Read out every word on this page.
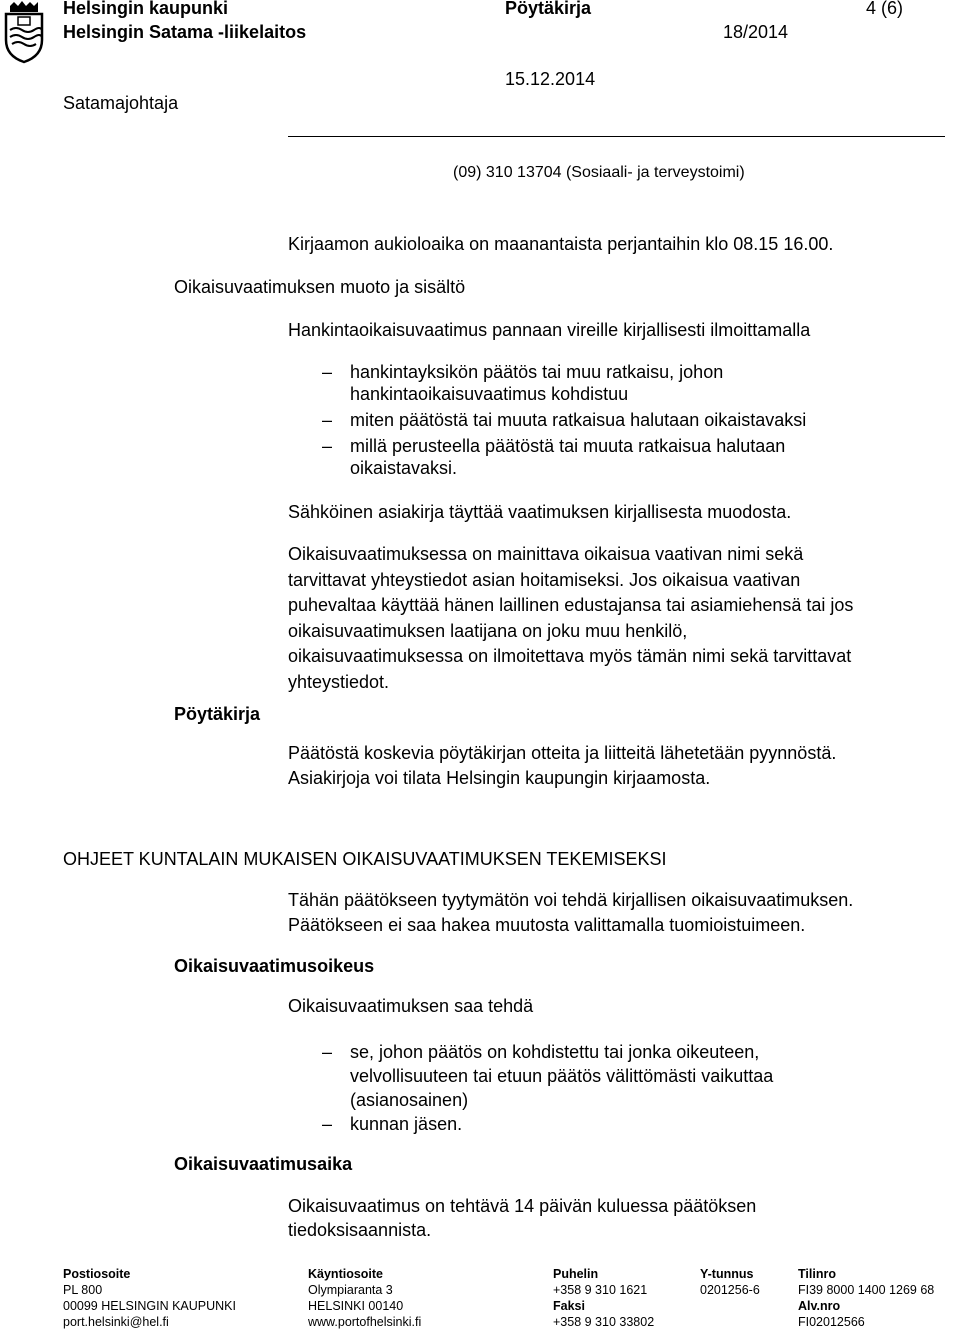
Helsingin kaupunki
Helsingin Satama -liikelaitos
Pöytäkirja	4 (6)
18/2014
15.12.2014
Satamajohtaja
(09) 310 13704 (Sosiaali- ja terveystoimi)
Kirjaamon aukioloaika on maanantaista perjantaihin klo 08.15 16.00.
Oikaisuvaatimuksen muoto ja sisältö
Hankintaoikaisuvaatimus pannaan vireille kirjallisesti ilmoittamalla
– hankintayksikön päätös tai muu ratkaisu, johon
hankintaoikaisuvaatimus kohdistuu
– miten päätöstä tai muuta ratkaisua halutaan oikaistavaksi
– millä perusteella päätöstä tai muuta ratkaisua halutaan
oikaistavaksi.
Sähköinen asiakirja täyttää vaatimuksen kirjallisesta muodosta.
Oikaisuvaatimuksessa on mainittava oikaisua vaativan nimi sekä
tarvittavat yhteystiedot asian hoitamiseksi. Jos oikaisua vaativan
puhevaltaa käyttää hänen laillinen edustajansa tai asiamiehensä tai jos
oikaisuvaatimuksen laatijana on joku muu henkilö,
oikaisuvaatimuksessa on ilmoitettava myös tämän nimi sekä tarvittavat
yhteystiedot.
Pöytäkirja
Päätöstä koskevia pöytäkirjan otteita ja liitteitä lähetetään pyynnöstä.
Asiakirjoja voi tilata Helsingin kaupungin kirjaamosta.
OHJEET KUNTALAIN MUKAISEN OIKAISUVAATIMUKSEN TEKEMISEKSI
Tähän päätökseen tyytymätön voi tehdä kirjallisen oikaisuvaatimuksen.
Päätökseen ei saa hakea muutosta valittamalla tuomioistuimeen.
Oikaisuvaatimusoikeus
Oikaisuvaatimuksen saa tehdä
– se, johon päätös on kohdistettu tai jonka oikeuteen,
velvollisuuteen tai etuun päätös välittömästi vaikuttaa
(asianosainen)
– kunnan jäsen.
Oikaisuvaatimusaika
Oikaisuvaatimus on tehtävä 14 päivän kuluessa päätöksen
tiedoksisaannista.
Postiosoite
PL 800
00099 HELSINGIN KAUPUNKI
port.helsinki@hel.fi
Käyntiosoite
Olympiaranta 3
HELSINKI 00140
www.portofhelsinki.fi
Puhelin
+358 9 310 1621
Faksi
+358 9 310 33802
Y-tunnus
0201256-6
Tilinro
FI39 8000 1400 1269 68
Alv.nro
FI02012566
